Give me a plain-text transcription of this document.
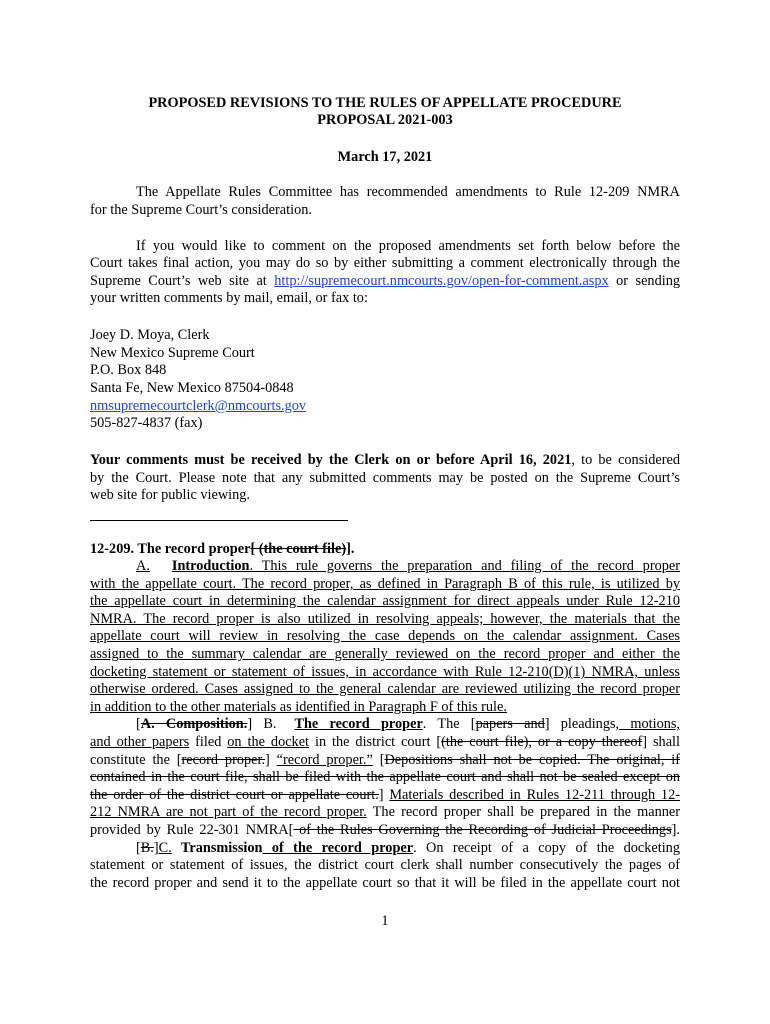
PROPOSED REVISIONS TO THE RULES OF APPELLATE PROCEDURE
PROPOSAL 2021-003
March 17, 2021
The Appellate Rules Committee has recommended amendments to Rule 12-209 NMRA
for the Supreme Court’s consideration.
If you would like to comment on the proposed amendments set forth below before the
Court takes final action, you may do so by either submitting a comment electronically through the
Supreme Court’s web site at http://supremecourt.nmcourts.gov/open-for-comment.aspx or sending
your written comments by mail, email, or fax to:
Joey D. Moya, Clerk
New Mexico Supreme Court
P.O. Box 848
Santa Fe, New Mexico 87504-0848
nmsupremecourtclerk@nmcourts.gov
505-827-4837 (fax)
Your comments must be received by the Clerk on or before April 16, 2021, to be considered
by the Court. Please note that any submitted comments may be posted on the Supreme Court’s
web site for public viewing.
12-209. The record proper[ (the court file)].
A. Introduction. This rule governs the preparation and filing of the record proper
with the appellate court. The record proper, as defined in Paragraph B of this rule, is utilized by
the appellate court in determining the calendar assignment for direct appeals under Rule 12-210
NMRA. The record proper is also utilized in resolving appeals; however, the materials that the
appellate court will review in resolving the case depends on the calendar assignment. Cases
assigned to the summary calendar are generally reviewed on the record proper and either the
docketing statement or statement of issues, in accordance with Rule 12-210(D)(1) NMRA, unless
otherwise ordered. Cases assigned to the general calendar are reviewed utilizing the record proper
in addition to the other materials as identified in Paragraph F of this rule.
[A. Composition.] B. The record proper. The [papers and] pleadings, motions,
and other papers filed on the docket in the district court [(the court file), or a copy thereof] shall
constitute the [record proper.] “record proper.” [Depositions shall not be copied. The original, if
contained in the court file, shall be filed with the appellate court and shall not be sealed except on
the order of the district court or appellate court.] Materials described in Rules 12-211 through 12-
212 NMRA are not part of the record proper. The record proper shall be prepared in the manner
provided by Rule 22-301 NMRA[ of the Rules Governing the Recording of Judicial Proceedings].
[B.]C. Transmission of the record proper. On receipt of a copy of the docketing
statement or statement of issues, the district court clerk shall number consecutively the pages of
the record proper and send it to the appellate court so that it will be filed in the appellate court not
1
